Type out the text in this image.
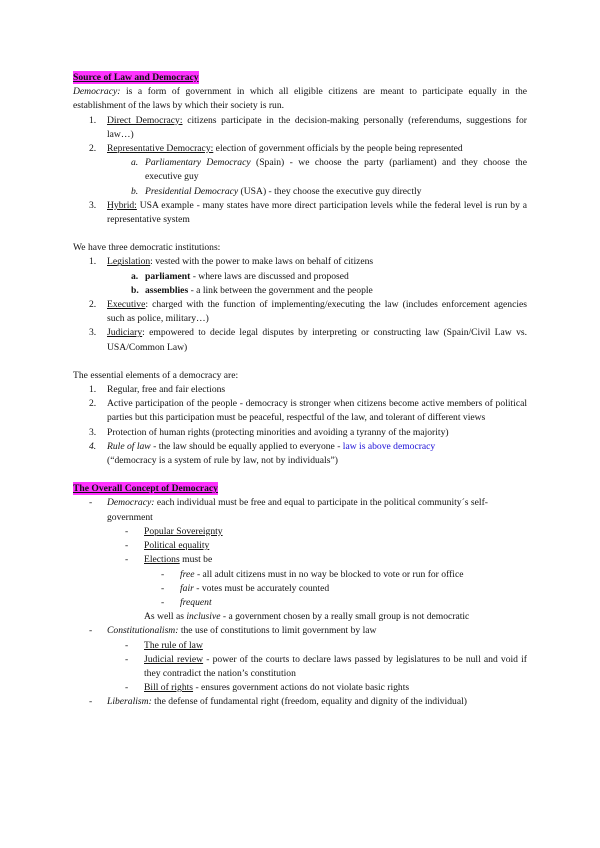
Source of Law and Democracy

Democracy: is a form of government in which all eligible citizens are meant to participate equally in the establishment of the laws by which their society is run.

1.	Direct Democracy: citizens participate in the decision-making personally (referendums, suggestions for law…)
2.	Representative Democracy: election of government officials by the people being represented
a. Parliamentary Democracy (Spain) - we choose the party (parliament) and they choose the executive guy
b. Presidential Democracy (USA) - they choose the executive guy directly
3.	Hybrid: USA example - many states have more direct participation levels while the federal level is run by a representative system

We have three democratic institutions:

1.	Legislation: vested with the power to make laws on behalf of citizens
a. parliament - where laws are discussed and proposed
b. assemblies - a link between the government and the people
2.	Executive: charged with the function of implementing/executing the law (includes enforcement agencies such as police, military…)
3.	Judiciary: empowered to decide legal disputes by interpreting or constructing law (Spain/Civil Law vs. USA/Common Law)

The essential elements of a democracy are:

1.	Regular, free and fair elections
2.	Active participation of the people - democracy is stronger when citizens become active members of political parties but this participation must be peaceful, respectful of the law, and tolerant of different views
3.	Protection of human rights (protecting minorities and avoiding a tyranny of the majority)
4.	Rule of law - the law should be equally applied to everyone - law is above democracy
(“democracy is a system of rule by law, not by individuals”)
The Overall Concept of Democracy
-	Democracy: each individual must be free and equal to participate in the political community´s self-government
-	Popular Sovereignty
-	Political equality
-	Elections must be
-	free - all adult citizens must in no way be blocked to vote or run for office
-	fair - votes must be accurately counted
-	frequent
As well as inclusive - a government chosen by a really small group is not democratic
-	Constitutionalism: the use of constitutions to limit government by law
-	The rule of law
-	Judicial review - power of the courts to declare laws passed by legislatures to be null and void if they contradict the nation’s constitution
-	Bill of rights - ensures government actions do not violate basic rights
-	Liberalism: the defense of fundamental right (freedom, equality and dignity of the individual)
